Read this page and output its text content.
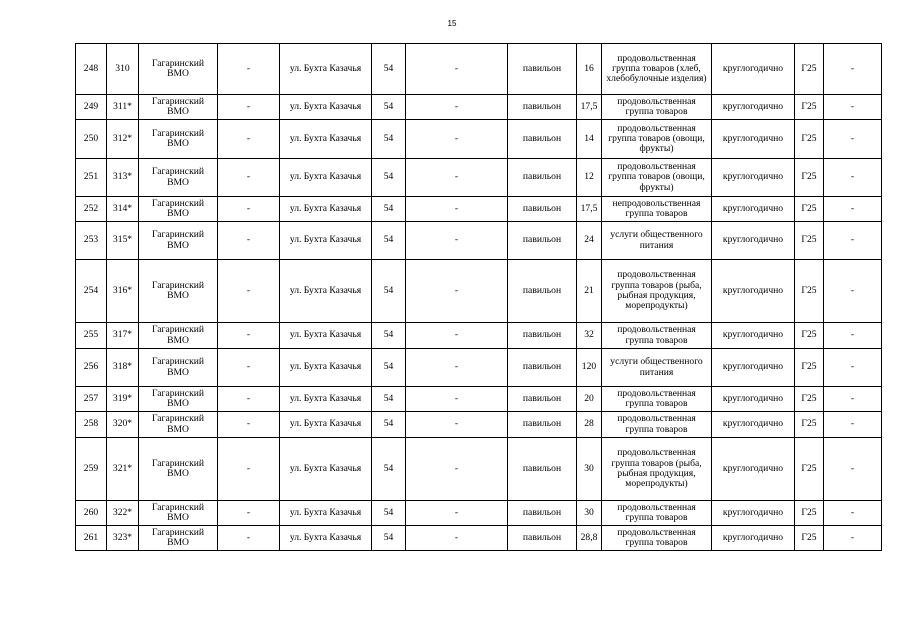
15
248	310	Гагаринский ВМО	-	ул. Бухта Казачья	54	-	павильон	16	продовольственная группа товаров (хлеб, хлебобулочные изделия)	круглогодично	Г25	-
249	311*	Гагаринский ВМО	-	ул. Бухта Казачья	54	-	павильон	17,5	продовольственная группа товаров	круглогодично	Г25	-
250	312*	Гагаринский ВМО	-	ул. Бухта Казачья	54	-	павильон	14	продовольственная группа товаров (овощи, фрукты)	круглогодично	Г25	-
251	313*	Гагаринский ВМО	-	ул. Бухта Казачья	54	-	павильон	12	продовольственная группа товаров (овощи, фрукты)	круглогодично	Г25	-
252	314*	Гагаринский ВМО	-	ул. Бухта Казачья	54	-	павильон	17,5	непродовольственная группа товаров	круглогодично	Г25	-
253	315*	Гагаринский ВМО	-	ул. Бухта Казачья	54	-	павильон	24	услуги общественного питания	круглогодично	Г25	-
254	316*	Гагаринский ВМО	-	ул. Бухта Казачья	54	-	павильон	21	продовольственная группа товаров (рыба, рыбная продукция, морепродукты)	круглогодично	Г25	-
255	317*	Гагаринский ВМО	-	ул. Бухта Казачья	54	-	павильон	32	продовольственная группа товаров	круглогодично	Г25	-
256	318*	Гагаринский ВМО	-	ул. Бухта Казачья	54	-	павильон	120	услуги общественного питания	круглогодично	Г25	-
257	319*	Гагаринский ВМО	-	ул. Бухта Казачья	54	-	павильон	20	продовольственная группа товаров	круглогодично	Г25	-
258	320*	Гагаринский ВМО	-	ул. Бухта Казачья	54	-	павильон	28	продовольственная группа товаров	круглогодично	Г25	-
259	321*	Гагаринский ВМО	-	ул. Бухта Казачья	54	-	павильон	30	продовольственная группа товаров (рыба, рыбная продукция, морепродукты)	круглогодично	Г25	-
260	322*	Гагаринский ВМО	-	ул. Бухта Казачья	54	-	павильон	30	продовольственная группа товаров	круглогодично	Г25	-
261	323*	Гагаринский ВМО	-	ул. Бухта Казачья	54	-	павильон	28,8	продовольственная группа товаров	круглогодично	Г25	-
